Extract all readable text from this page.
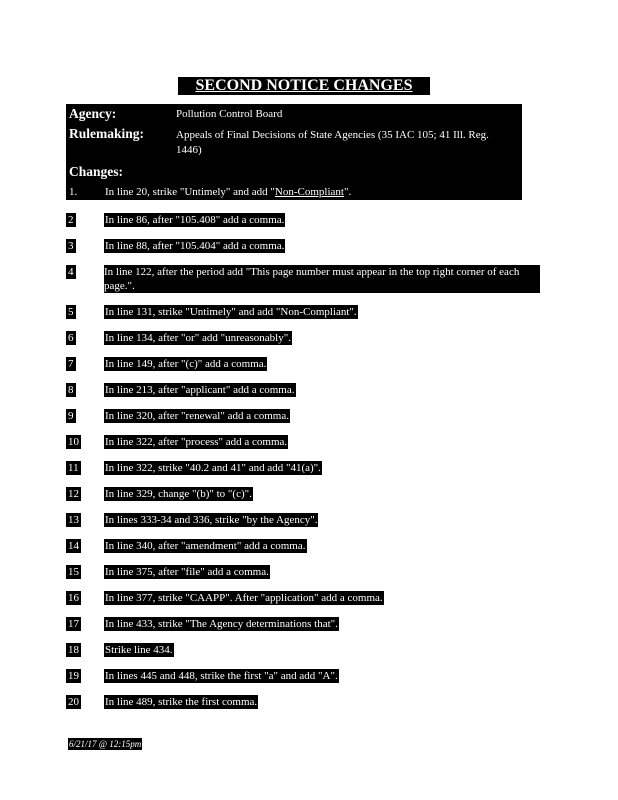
SECOND NOTICE CHANGES
Agency:	Pollution Control Board
Rulemaking:	Appeals of Final Decisions of State Agencies (35 IAC 105; 41 Ill. Reg. 1446)
Changes:
1.	In line 20, strike "Untimely" and add "Non-Compliant".
2	In line 86, after "105.408" add a comma.
3	In line 88, after "105.404" add a comma.
4	In line 122, after the period add "This page number must appear in the top right corner of each page.".
5	In line 131, strike "Untimely" and add "Non-Compliant".
6	In line 134, after "or" add "unreasonably".
7	In line 149, after "(c)" add a comma.
8	In line 213, after "applicant" add a comma.
9	In line 320, after "renewal" add a comma.
10 In line 322, after "process" add a comma.
11 In line 322, strike "40.2 and 41" and add "41(a)".
12 In line 329, change "(b)" to "(c)".
13 In lines 333-34 and 336, strike "by the Agency".
14 In line 340, after "amendment" add a comma.
15 In line 375, after "file" add a comma.
16 In line 377, strike "CAAPP". After "application" add a comma.
17 In line 433, strike "The Agency determinations that".
18 Strike line 434.
19 In lines 445 and 448, strike the first "a" and add "A".
20 In line 489, strike the first comma.
6/21/17 @ 12:15pm
